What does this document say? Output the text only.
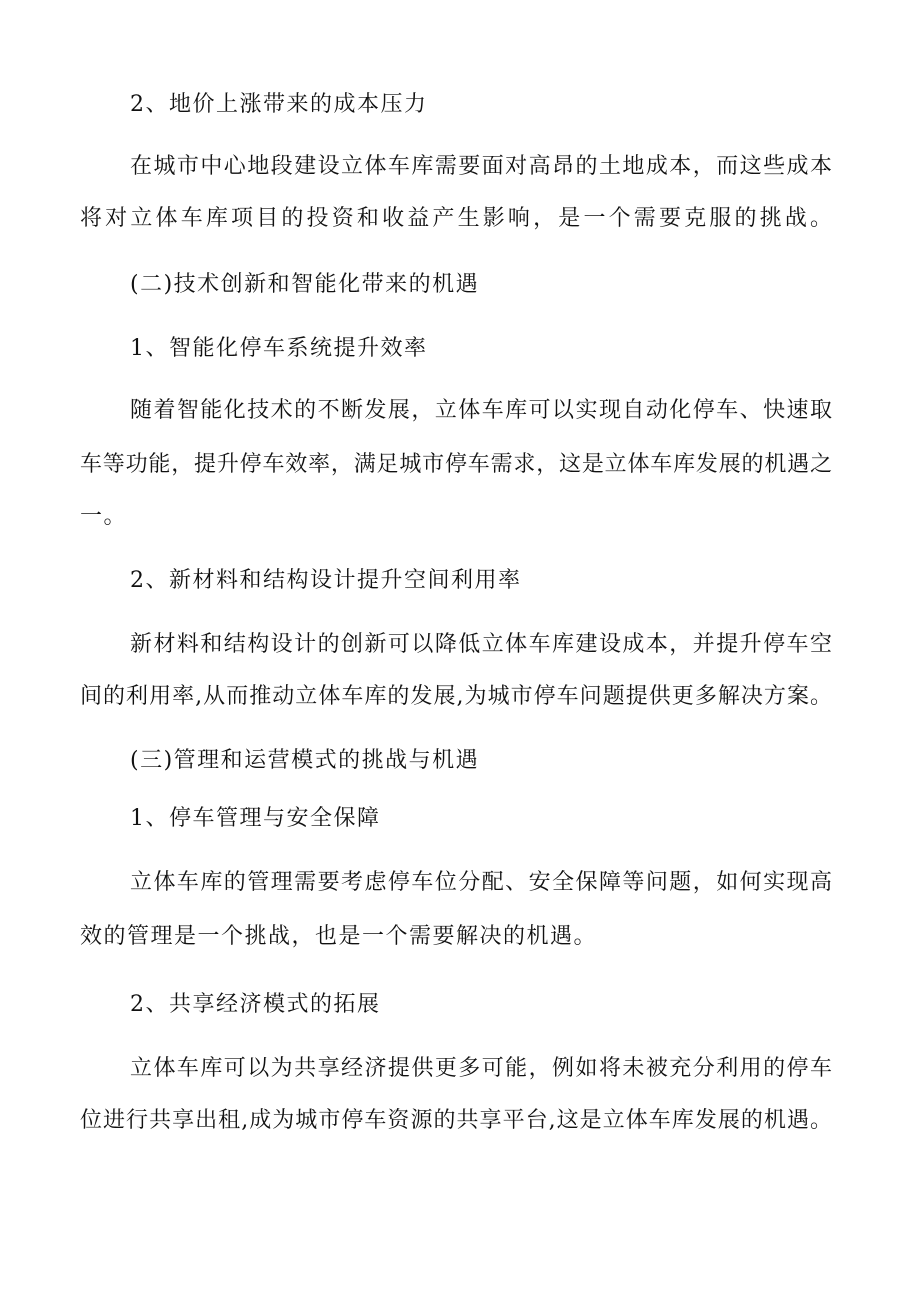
2、地价上涨带来的成本压力
在城市中心地段建设立体车库需要面对高昂的土地成本，而这些成本
将对立体车库项目的投资和收益产生影响，是一个需要克服的挑战。
(二)技术创新和智能化带来的机遇
1、智能化停车系统提升效率
随着智能化技术的不断发展，立体车库可以实现自动化停车、快速取
车等功能，提升停车效率，满足城市停车需求，这是立体车库发展的机遇之
一。
2、新材料和结构设计提升空间利用率
新材料和结构设计的创新可以降低立体车库建设成本，并提升停车空
间的利用率,从而推动立体车库的发展,为城市停车问题提供更多解决方案。
(三)管理和运营模式的挑战与机遇
1、停车管理与安全保障
立体车库的管理需要考虑停车位分配、安全保障等问题，如何实现高
效的管理是一个挑战，也是一个需要解决的机遇。
2、共享经济模式的拓展
立体车库可以为共享经济提供更多可能，例如将未被充分利用的停车
位进行共享出租,成为城市停车资源的共享平台,这是立体车库发展的机遇。
